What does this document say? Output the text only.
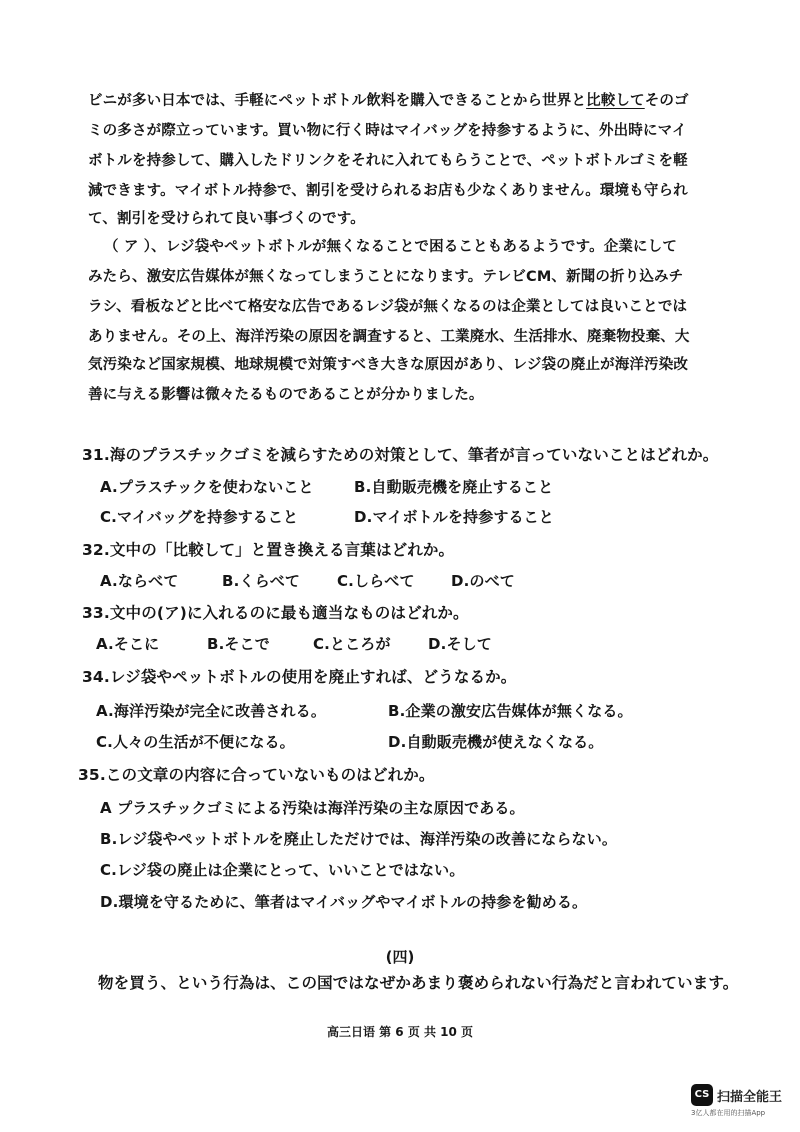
ビニが多い日本では、手軽にペットボトル飲料を購入できることから世界と比較してそのゴ
ミの多さが際立っています。買い物に行く時はマイバッグを持参するように、外出時にマイ
ボトルを持参して、購入したドリンクをそれに入れてもらうことで、ペットボトルゴミを軽
減できます。マイボトル持参で、割引を受けられるお店も少なくありません。環境も守られ
て、割引を受けられて良い事づくのです。
（ ア ）、レジ袋やペットボトルが無くなることで困ることもあるようです。企業にして
みたら、激安広告媒体が無くなってしまうことになります。テレビCM、新聞の折り込みチ
ラシ、看板などと比べて格安な広告であるレジ袋が無くなるのは企業としては良いことでは
ありません。その上、海洋汚染の原因を調査すると、工業廃水、生活排水、廃棄物投棄、大
気汚染など国家規模、地球規模で対策すべき大きな原因があり、レジ袋の廃止が海洋汚染改
善に与える影響は微々たるものであることが分かりました。
31.海のプラスチックゴミを減らすための対策として、筆者が言っていないことはどれか。
A.プラスチックを使わないこと	B.自動販売機を廃止すること
C.マイバッグを持参すること	D.マイボトルを持参すること
32.文中の「比較して」と置き換える言葉はどれか。
A.ならべて	B.くらべて C.しらべて D.のべて
33.文中の(ア)に入れるのに最も適当なものはどれか。
A.そこに	B.そこで	C.ところが D.そして
34.レジ袋やペットボトルの使用を廃止すれば、どうなるか。
A.海洋汚染が完全に改善される。	B.企業の激安広告媒体が無くなる。
C.人々の生活が不便になる。	D.自動販売機が使えなくなる。
35.この文章の内容に合っていないものはどれか。
A プラスチックゴミによる汚染は海洋汚染の主な原因である。
B.レジ袋やペットボトルを廃止しただけでは、海洋汚染の改善にならない。
C.レジ袋の廃止は企業にとって、いいことではない。
D.環境を守るために、筆者はマイバッグやマイボトルの持参を勧める。
(四)
物を買う、という行為は、この国ではなぜかあまり褒められない行為だと言われています。
高三日语 第 6 页 共 10 页
CS 扫描全能王
3亿人都在用的扫描App
